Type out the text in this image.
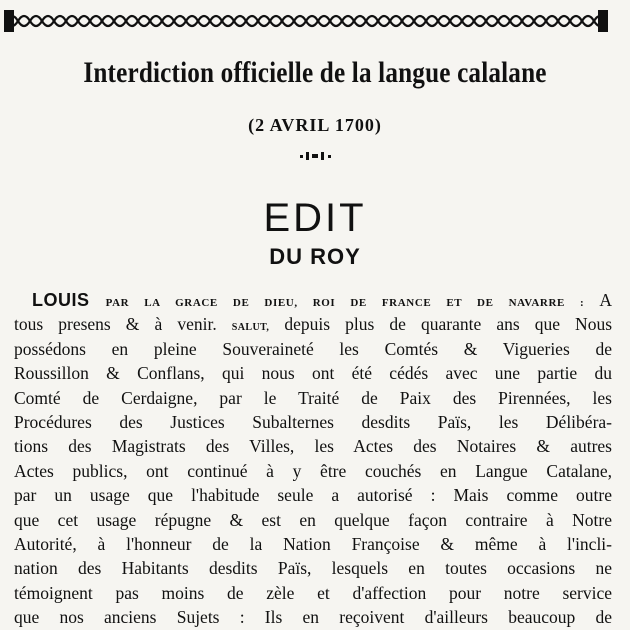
Interdiction officielle de la langue calalane
(2 AVRIL 1700)
EDIT
DU ROY
LOUIS PAR LA GRACE DE DIEU, ROI DE FRANCE ET DE NAVARRE : A
tous presens & à venir. SALUT, depuis plus de quarante ans que Nous
possédons en pleine Souveraineté les Comtés & Vigueries de
Roussillon & Conflans, qui nous ont été cédés avec une partie du
Comté de Cerdaigne, par le Traité de Paix des Pirennées, les
Procédures des Justices Subalternes desdits Païs, les Délibéra-
tions des Magistrats des Villes, les Actes des Notaires & autres
Actes publics, ont continué à y être couchés en Langue Catalane,
par un usage que l'habitude seule a autorisé : Mais comme outre
que cet usage répugne & est en quelque façon contraire à Notre
Autorité, à l'honneur de la Nation Françoise & même à l'incli-
nation des Habitants desdits Païs, lesquels en toutes occasions ne
témoignent pas moins de zèle et d'affection pour notre service
que nos anciens Sujets : Ils en reçoivent d'ailleurs beaucoup de
